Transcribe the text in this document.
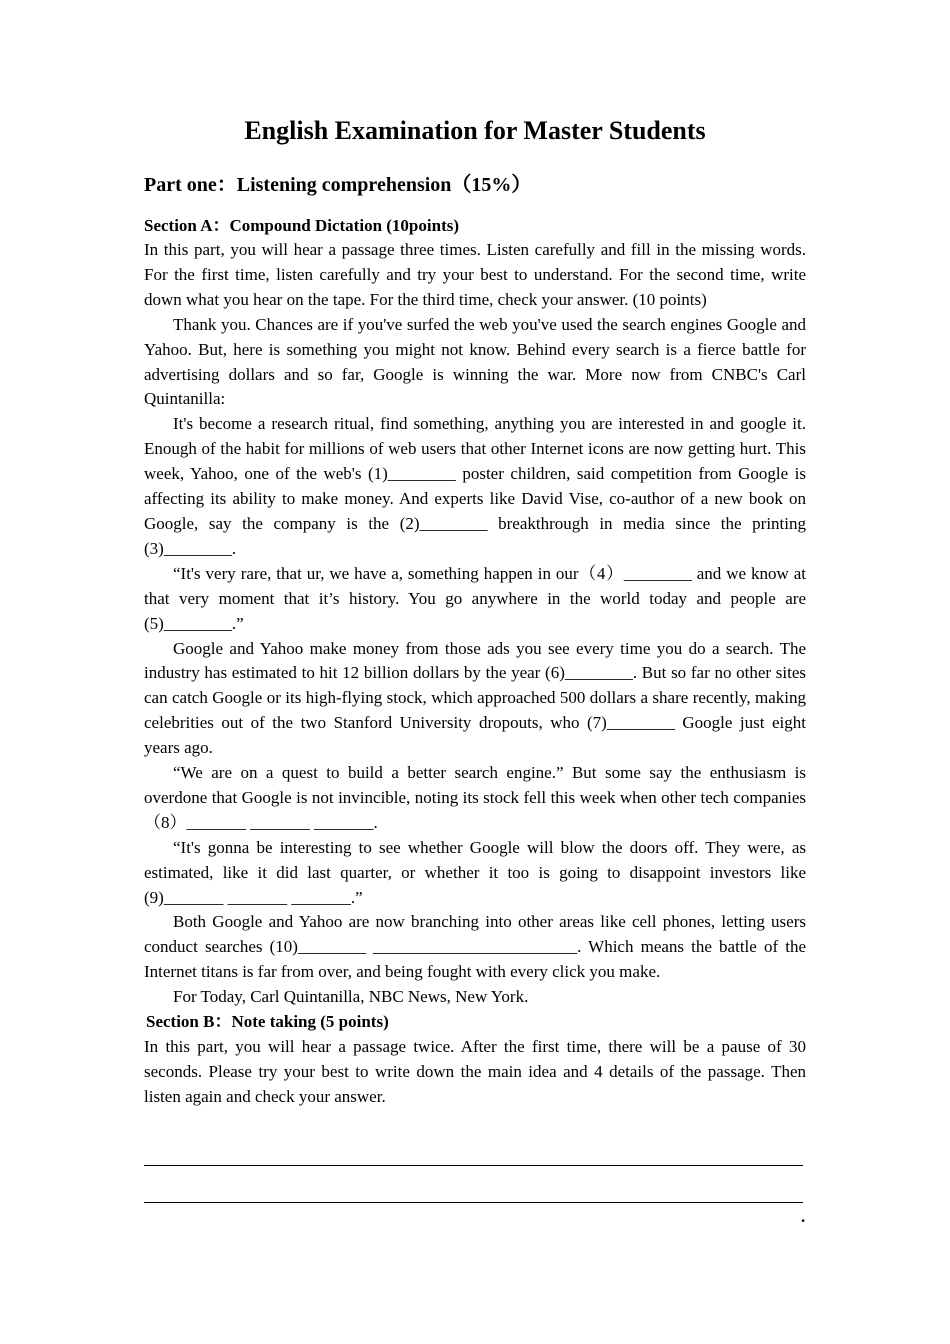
English Examination for Master Students
Part one：Listening comprehension（15%）
Section A：Compound Dictation (10points)

In this part, you will hear a passage three times. Listen carefully and fill in the missing words. For the first time, listen carefully and try your best to understand. For the second time, write down what you hear on the tape. For the third time, check your answer. (10 points)

Thank you. Chances are if you've surfed the web you've used the search engines Google and Yahoo. But, here is something you might not know. Behind every search is a fierce battle for advertising dollars and so far, Google is winning the war. More now from CNBC's Carl Quintanilla:

It's become a research ritual, find something, anything you are interested in and google it. Enough of the habit for millions of web users that other Internet icons are now getting hurt. This week, Yahoo, one of the web's (1)________ poster children, said competition from Google is affecting its ability to make money. And experts like David Vise, co-author of a new book on Google, say the company is the (2)________ breakthrough in media since the printing (3)________.

“It's very rare, that ur, we have a, something happen in our（4）________ and we know at that very moment that it’s history. You go anywhere in the world today and people are (5)________.”

Google and Yahoo make money from those ads you see every time you do a search. The industry has estimated to hit 12 billion dollars by the year (6)________. But so far no other sites can catch Google or its high-flying stock, which approached 500 dollars a share recently, making celebrities out of the two Stanford University dropouts, who (7)________ Google just eight years ago.

“We are on a quest to build a better search engine.” But some say the enthusiasm is overdone that Google is not invincible, noting its stock fell this week when other tech companies（8）_______ _______ _______.

“It's gonna be interesting to see whether Google will blow the doors off. They were, as estimated, like it did last quarter, or whether it too is going to disappoint investors like (9)_______ _______ _______.”

Both Google and Yahoo are now branching into other areas like cell phones, letting users conduct searches (10)________ ________________________. Which means the battle of the Internet titans is far from over, and being fought with every click you make.

For Today, Carl Quintanilla, NBC News, New York.

Section B：Note taking (5 points)

In this part, you will hear a passage twice. After the first time, there will be a pause of 30 seconds. Please try your best to write down the main idea and 4 details of the passage. Then listen again and check your answer.

.
